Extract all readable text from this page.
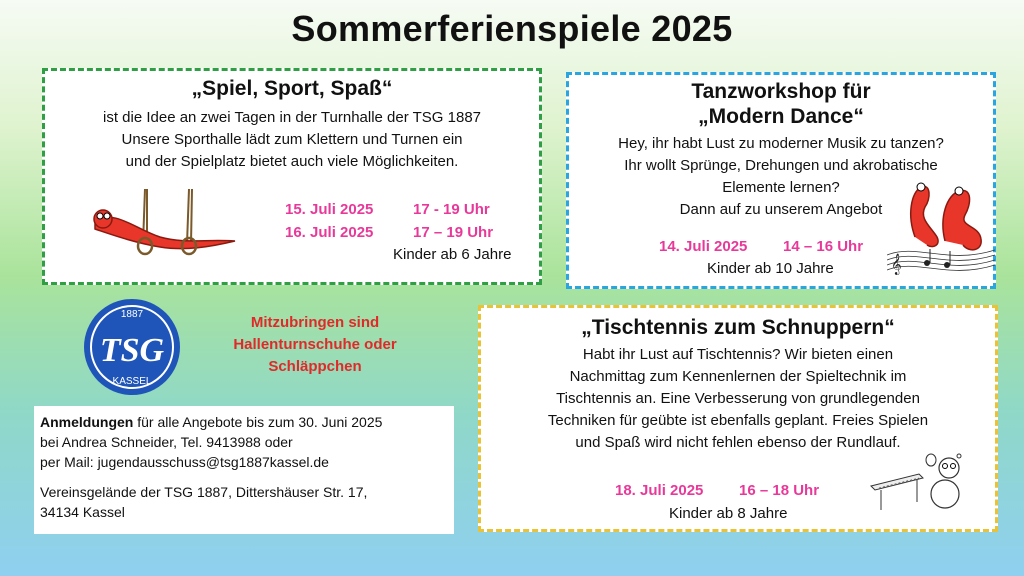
Sommerferienspiele 2025
„Spiel, Sport, Spaß“
ist die Idee an zwei Tagen in der Turnhalle der TSG 1887
Unsere Sporthalle lädt zum Klettern und Turnen ein
und der Spielplatz bietet auch viele Möglichkeiten.
15. Juli 2025	17 - 19 Uhr
16. Juli 2025	17 – 19 Uhr
Kinder ab 6 Jahre
Tanzworkshop für
„Modern Dance“
Hey, ihr habt Lust zu moderner Musik zu tanzen?
Ihr wollt Sprünge, Drehungen und akrobatische
Elemente lernen?
Dann auf zu unserem Angebot
14. Juli 2025 14 – 16 Uhr
Kinder ab 10 Jahre	𝄞
1887
TSG
KASSEL
Mitzubringen sind
Hallenturnschuhe oder
Schläppchen
Anmeldungen für alle Angebote bis zum 30. Juni 2025
bei Andrea Schneider, Tel. 9413988 oder
per Mail: jugendausschuss@tsg1887kassel.de
Vereinsgelände der TSG 1887, Dittershäuser Str. 17,
34134 Kassel
„Tischtennis zum Schnuppern“
Habt ihr Lust auf Tischtennis? Wir bieten einen
Nachmittag zum Kennenlernen der Spieltechnik im
Tischtennis an. Eine Verbesserung von grundlegenden
Techniken für geübte ist ebenfalls geplant. Freies Spielen
und Spaß wird nicht fehlen ebenso der Rundlauf.
18. Juli 2025 16 – 18 Uhr
Kinder ab 8 Jahre
